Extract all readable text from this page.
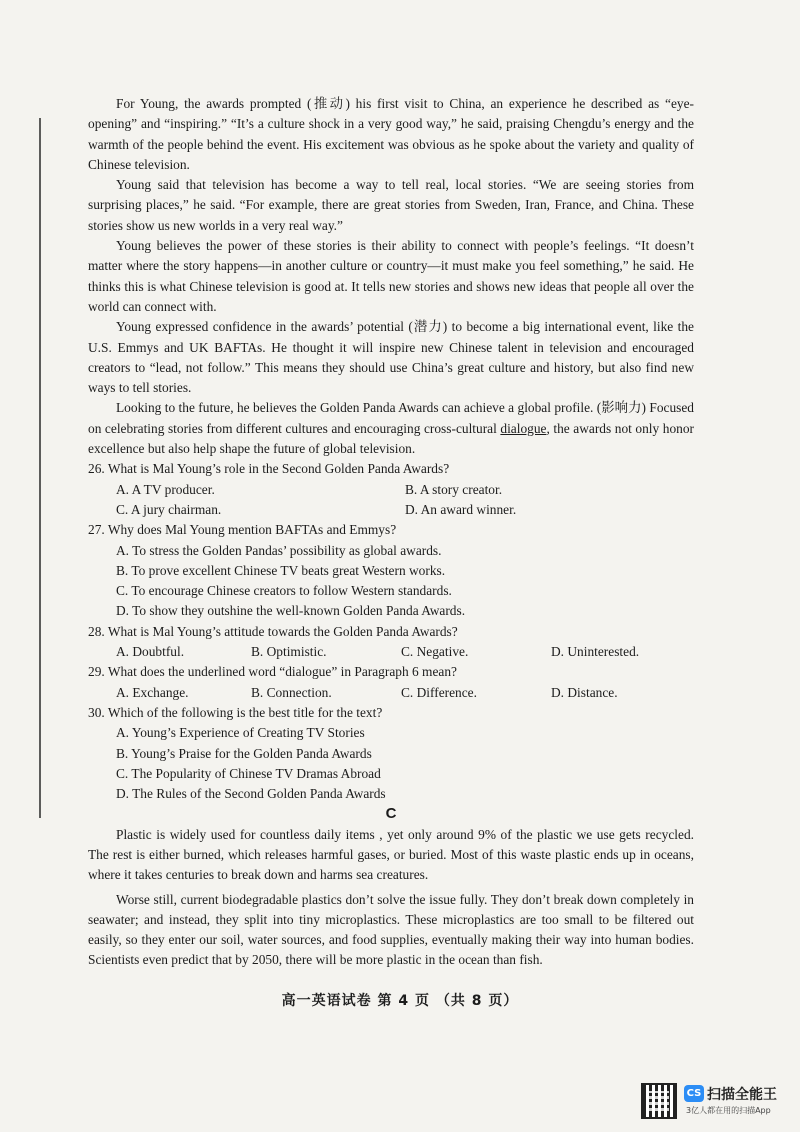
For Young, the awards prompted (推动) his first visit to China, an experience he described as “eye-opening” and “inspiring.” “It’s a culture shock in a very good way,” he said, praising Chengdu’s energy and the warmth of the people behind the event. His excitement was obvious as he spoke about the variety and quality of Chinese television.

Young said that television has become a way to tell real, local stories. “We are seeing stories from surprising places,” he said. “For example, there are great stories from Sweden, Iran, France, and China. These stories show us new worlds in a very real way.”

Young believes the power of these stories is their ability to connect with people’s feelings. “It doesn’t matter where the story happens—in another culture or country—it must make you feel something,” he said. He thinks this is what Chinese television is good at. It tells new stories and shows new ideas that people all over the world can connect with.

Young expressed confidence in the awards’ potential (潜力) to become a big international event, like the U.S. Emmys and UK BAFTAs. He thought it will inspire new Chinese talent in television and encouraged creators to “lead, not follow.” This means they should use China’s great culture and history, but also find new ways to tell stories.

Looking to the future, he believes the Golden Panda Awards can achieve a global profile. (影响力) Focused on celebrating stories from different cultures and encouraging cross-cultural dialogue, the awards not only honor excellence but also help shape the future of global television.

26. What is Mal Young’s role in the Second Golden Panda Awards?
A. A TV producer.	B. A story creator.
C. A jury chairman.	D. An award winner.
27. Why does Mal Young mention BAFTAs and Emmys?
A. To stress the Golden Pandas’ possibility as global awards.
B. To prove excellent Chinese TV beats great Western works.
C. To encourage Chinese creators to follow Western standards.
D. To show they outshine the well-known Golden Panda Awards.
28. What is Mal Young’s attitude towards the Golden Panda Awards?
A. Doubtful.	B. Optimistic.	C. Negative.	D. Uninterested.
29. What does the underlined word “dialogue” in Paragraph 6 mean?
A. Exchange.	B. Connection.	C. Difference.	D. Distance.
30. Which of the following is the best title for the text?
A. Young’s Experience of Creating TV Stories
B. Young’s Praise for the Golden Panda Awards
C. The Popularity of Chinese TV Dramas Abroad
D. The Rules of the Second Golden Panda Awards
C

Plastic is widely used for countless daily items , yet only around 9% of the plastic we use gets recycled. The rest is either burned, which releases harmful gases, or buried. Most of this waste plastic ends up in oceans, where it takes centuries to break down and harms sea creatures.

Worse still, current biodegradable plastics don’t solve the issue fully. They don’t break down completely in seawater; and instead, they split into tiny microplastics. These microplastics are too small to be filtered out easily, so they enter our soil, water sources, and food supplies, eventually making their way into human bodies. Scientists even predict that by 2050, there will be more plastic in the ocean than fish.

高一英语试卷 第 4 页 （共 8 页）
CS 扫描全能王
3亿人都在用的扫描App
